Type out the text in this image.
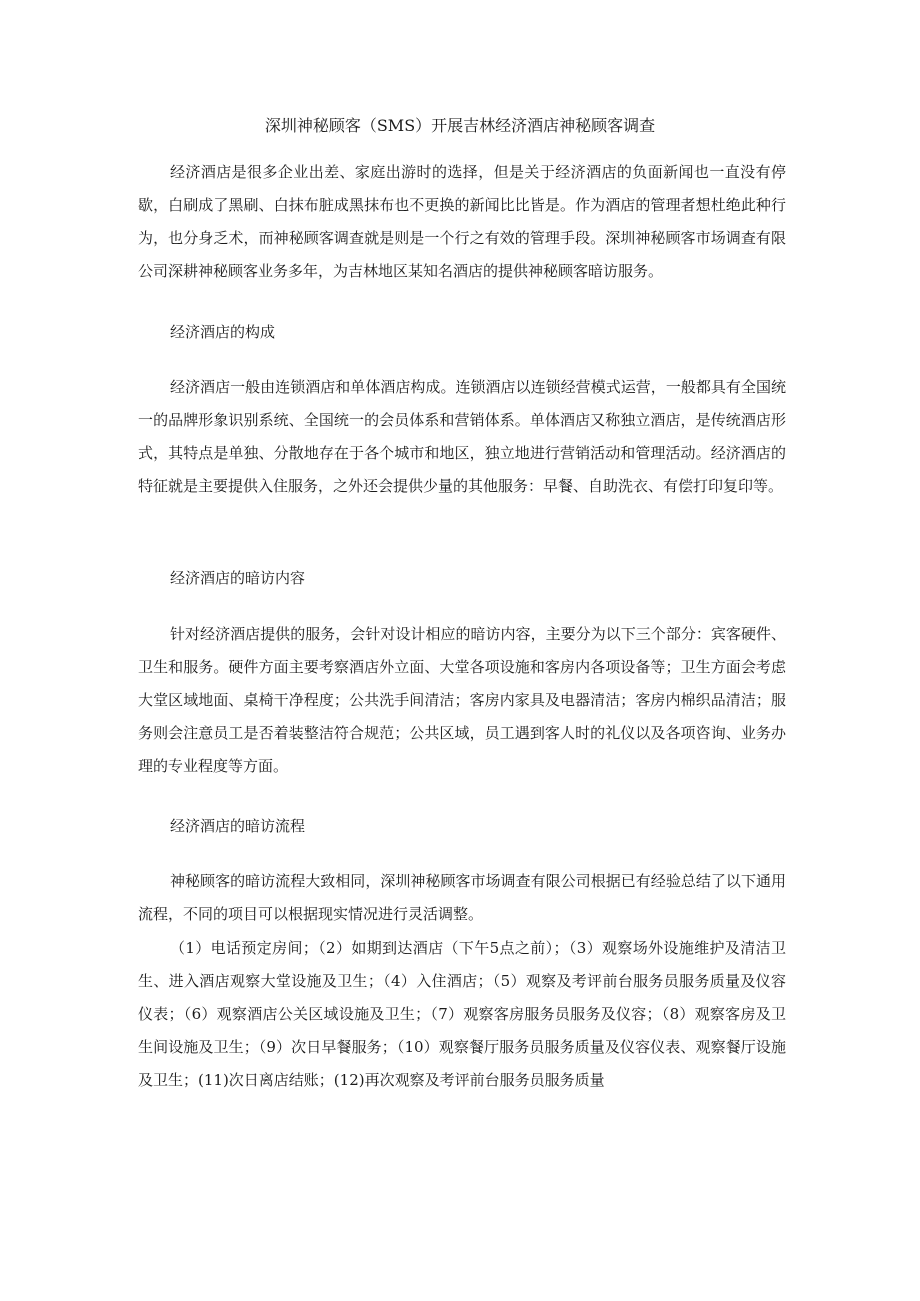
深圳神秘顾客（SMS）开展吉林经济酒店神秘顾客调查

经济酒店是很多企业出差、家庭出游时的选择，但是关于经济酒店的负面新闻也一直没有停歇，白刷成了黑刷、白抹布脏成黑抹布也不更换的新闻比比皆是。作为酒店的管理者想杜绝此种行为，也分身乏术，而神秘顾客调查就是则是一个行之有效的管理手段。深圳神秘顾客市场调查有限公司深耕神秘顾客业务多年，为吉林地区某知名酒店的提供神秘顾客暗访服务。

经济酒店的构成

经济酒店一般由连锁酒店和单体酒店构成。连锁酒店以连锁经营模式运营，一般都具有全国统一的品牌形象识别系统、全国统一的会员体系和营销体系。单体酒店又称独立酒店，是传统酒店形式，其特点是单独、分散地存在于各个城市和地区，独立地进行营销活动和管理活动。经济酒店的特征就是主要提供入住服务，之外还会提供少量的其他服务：早餐、自助洗衣、有偿打印复印等。

经济酒店的暗访内容

针对经济酒店提供的服务，会针对设计相应的暗访内容，主要分为以下三个部分：宾客硬件、卫生和服务。硬件方面主要考察酒店外立面、大堂各项设施和客房内各项设备等；卫生方面会考虑大堂区域地面、桌椅干净程度；公共洗手间清洁；客房内家具及电器清洁；客房内棉织品清洁；服务则会注意员工是否着装整洁符合规范；公共区域，员工遇到客人时的礼仪以及各项咨询、业务办理的专业程度等方面。

经济酒店的暗访流程

神秘顾客的暗访流程大致相同，深圳神秘顾客市场调查有限公司根据已有经验总结了以下通用流程，不同的项目可以根据现实情况进行灵活调整。

（1）电话预定房间；（2）如期到达酒店（下午5点之前）；（3）观察场外设施维护及清洁卫生、进入酒店观察大堂设施及卫生；（4）入住酒店；（5）观察及考评前台服务员服务质量及仪容仪表；（6）观察酒店公关区域设施及卫生；（7）观察客房服务员服务及仪容；（8）观察客房及卫生间设施及卫生；（9）次日早餐服务；（10）观察餐厅服务员服务质量及仪容仪表、观察餐厅设施及卫生；(11)次日离店结账；(12)再次观察及考评前台服务员服务质量
